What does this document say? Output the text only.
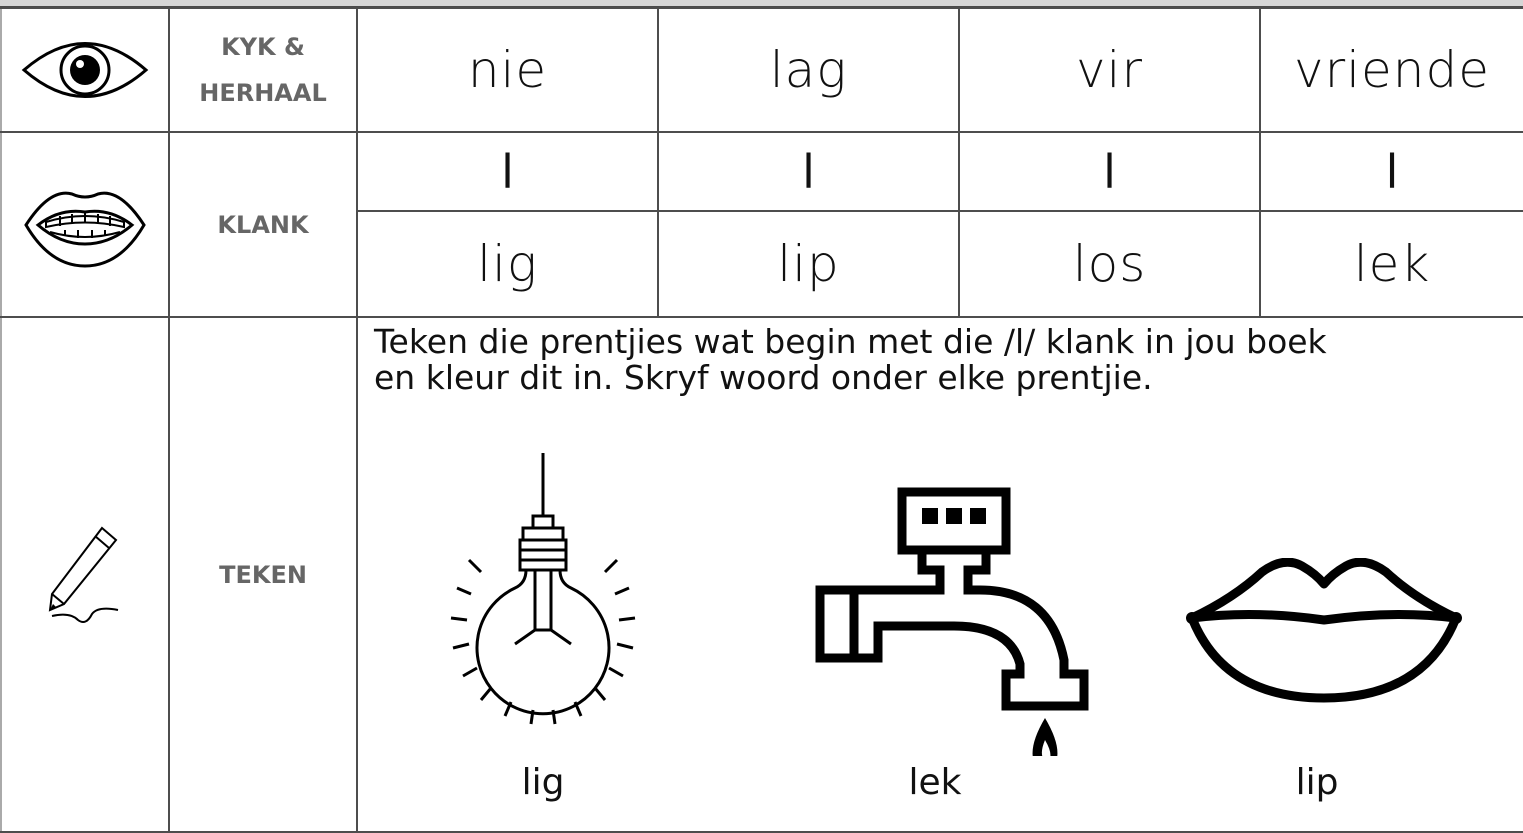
KYK & HERHAAL	nie	lag	vir	vriende

KLANK	l	l	l	l
		lig	lip	los	lek

TEKEN	Teken die prentjies wat begin met die /l/ klank in jou boek
en kleur dit in. Skryf woord onder elke prentjie.
lig lek lip			
